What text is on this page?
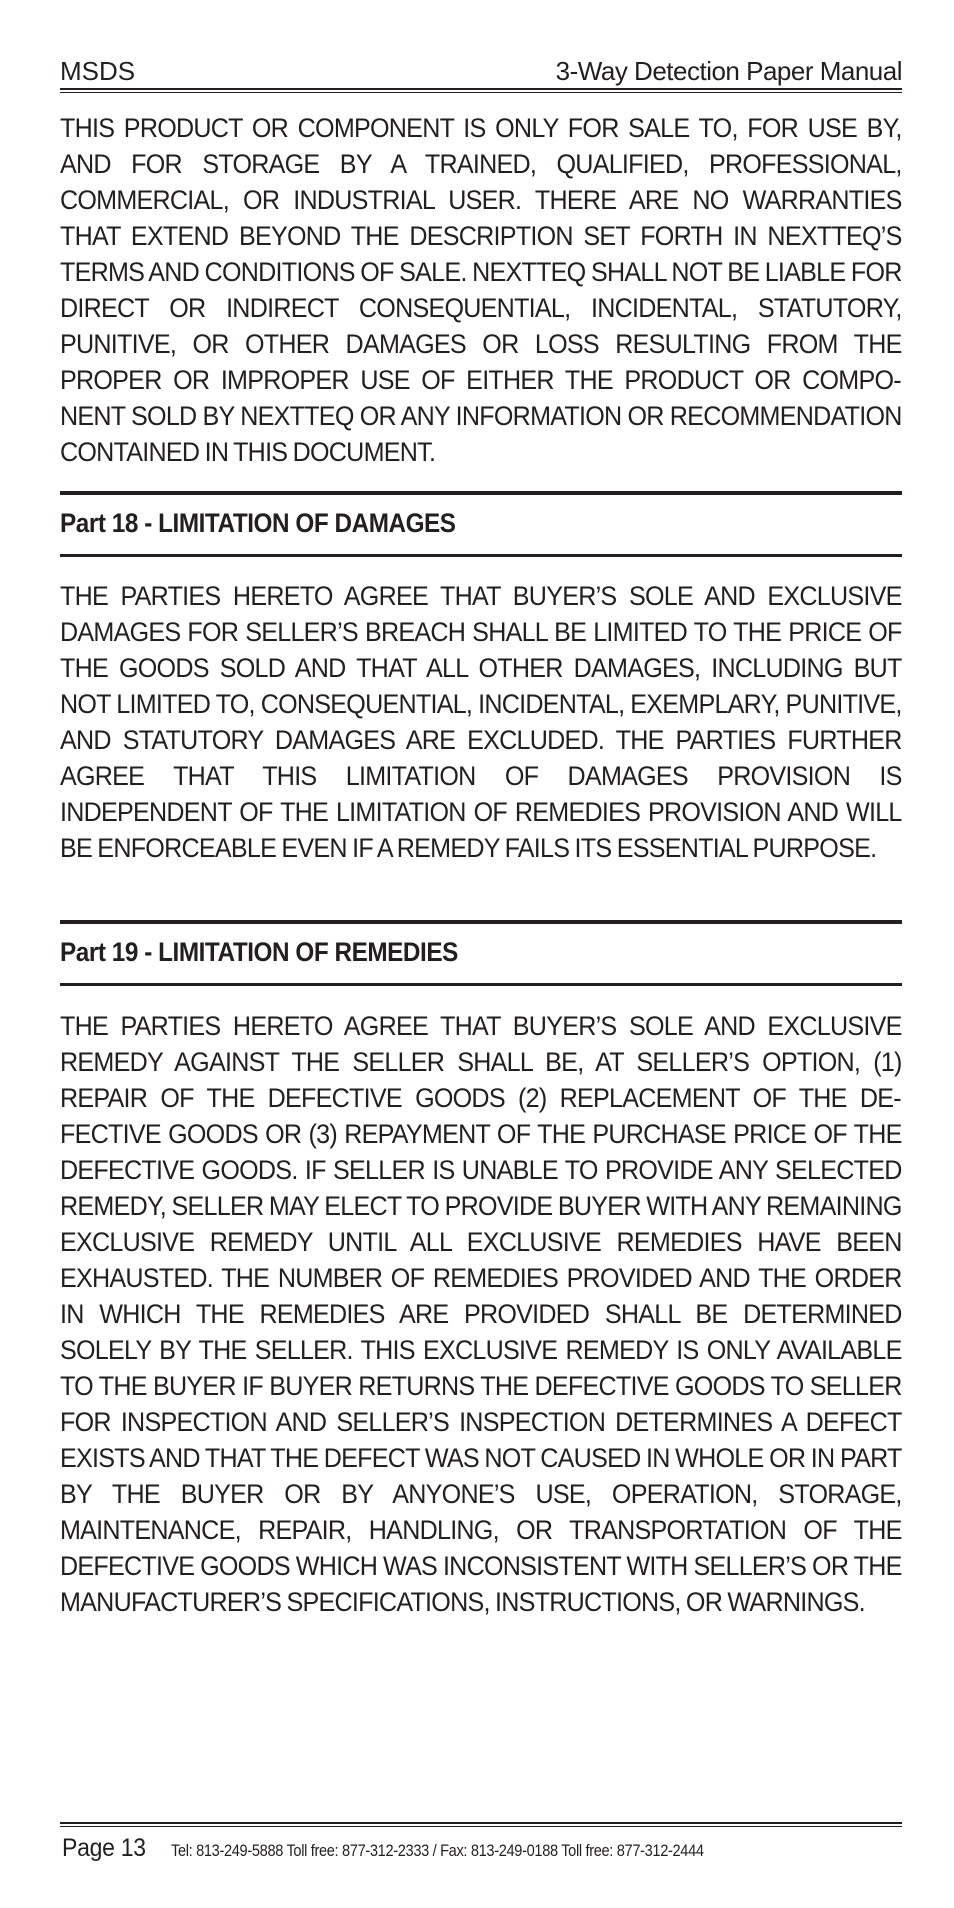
MSDS	3-Way Detection Paper Manual
THIS PRODUCT OR COMPONENT IS ONLY FOR SALE TO, FOR USE BY, AND FOR STORAGE BY A TRAINED, QUALIFIED, PROFESSIONAL, COMMERCIAL, OR INDUSTRIAL USER. THERE ARE NO WARRANTIES THAT EXTEND BEYOND THE DESCRIPTION SET FORTH IN NEXTTEQ’S TERMS AND CONDITIONS OF SALE. NEXTTEQ SHALL NOT BE LIABLE FOR DIRECT OR INDIRECT CONSEQUENTIAL, INCIDENTAL, STATUTORY, PUNITIVE, OR OTHER DAMAGES OR LOSS RESULTING FROM THE PROPER OR IMPROPER USE OF EITHER THE PRODUCT OR COMPONENT SOLD BY NEXTTEQ OR ANY INFORMATION OR RECOMMENDATION CONTAINED IN THIS DOCUMENT.
Part 18 - LIMITATION OF DAMAGES
THE PARTIES HERETO AGREE THAT BUYER’S SOLE AND EXCLUSIVE DAMAGES FOR SELLER’S BREACH SHALL BE LIMITED TO THE PRICE OF THE GOODS SOLD AND THAT ALL OTHER DAMAGES, INCLUDING BUT NOT LIMITED TO, CONSEQUENTIAL, INCIDENTAL, EXEMPLARY, PUNITIVE, AND STATUTORY DAMAGES ARE EXCLUDED. THE PARTIES FURTHER AGREE THAT THIS LIMITATION OF DAMAGES PROVISION IS INDEPENDENT OF THE LIMITATION OF REMEDIES PROVISION AND WILL BE ENFORCEABLE EVEN IF A REMEDY FAILS ITS ESSENTIAL PURPOSE.
Part 19 - LIMITATION OF REMEDIES
THE PARTIES HERETO AGREE THAT BUYER’S SOLE AND EXCLUSIVE REMEDY AGAINST THE SELLER SHALL BE, AT SELLER’S OPTION, (1) REPAIR OF THE DEFECTIVE GOODS (2) REPLACEMENT OF THE DEFECTIVE GOODS OR (3) REPAYMENT OF THE PURCHASE PRICE OF THE DEFECTIVE GOODS. IF SELLER IS UNABLE TO PROVIDE ANY SELECTED REMEDY, SELLER MAY ELECT TO PROVIDE BUYER WITH ANY REMAINING EXCLUSIVE REMEDY UNTIL ALL EXCLUSIVE REMEDIES HAVE BEEN EXHAUSTED. THE NUMBER OF REMEDIES PROVIDED AND THE ORDER IN WHICH THE REMEDIES ARE PROVIDED SHALL BE DETERMINED SOLELY BY THE SELLER. THIS EXCLUSIVE REMEDY IS ONLY AVAILABLE TO THE BUYER IF BUYER RETURNS THE DEFECTIVE GOODS TO SELLER FOR INSPECTION AND SELLER’S INSPECTION DETERMINES A DEFECT EXISTS AND THAT THE DEFECT WAS NOT CAUSED IN WHOLE OR IN PART BY THE BUYER OR BY ANYONE’S USE, OPERATION, STORAGE, MAINTENANCE, REPAIR, HANDLING, OR TRANSPORTATION OF THE DEFECTIVE GOODS WHICH WAS INCONSISTENT WITH SELLER’S OR THE MANUFACTURER’S SPECIFICATIONS, INSTRUCTIONS, OR WARNINGS.
Page 13 Tel: 813-249-5888 Toll free: 877-312-2333 / Fax: 813-249-0188 Toll free: 877-312-2444
